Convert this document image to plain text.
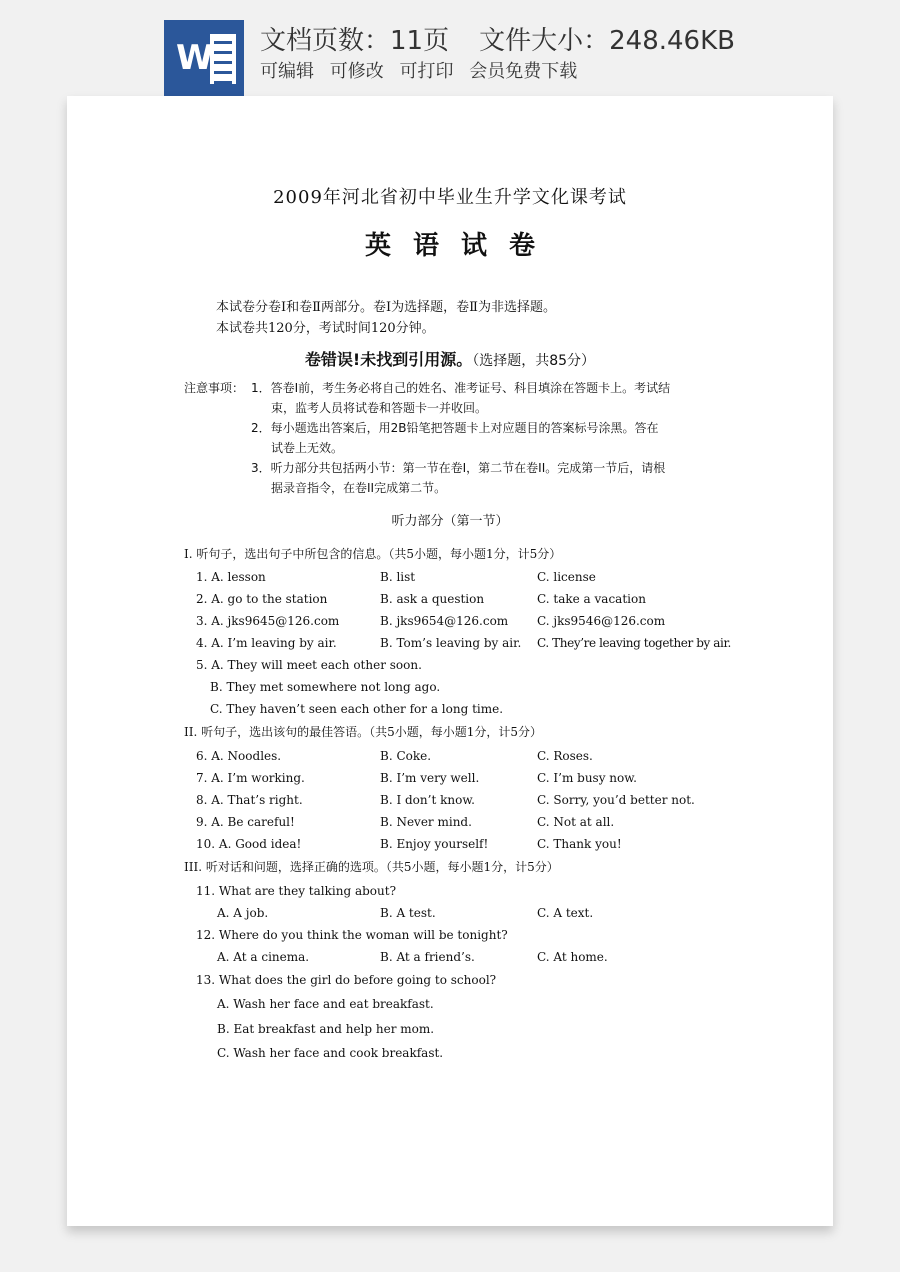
W 文档页数：11页 文件大小：248.46KB
可编辑 可修改 可打印 会员免费下载
2009年河北省初中毕业生升学文化课考试
英语试卷
本试卷分卷Ⅰ和卷Ⅱ两部分。卷Ⅰ为选择题，卷Ⅱ为非选择题。
本试卷共120分，考试时间120分钟。
卷错误!未找到引用源。（选择题，共85分）
注意事项： 1．答卷I前，考生务必将自己的姓名、准考证号、科目填涂在答题卡上。考试结
束，监考人员将试卷和答题卡一并收回。
2．每小题选出答案后，用2B铅笔把答题卡上对应题目的答案标号涂黑。答在
试卷上无效。
3．听力部分共包括两小节：第一节在卷I，第二节在卷II。完成第一节后，请根
据录音指令，在卷II完成第二节。
听力部分（第一节）
I. 听句子，选出句子中所包含的信息。（共5小题，每小题1分，计5分）
1. A. lesson	B. list	C. license
2. A. go to the station	B. ask a question	C. take a vacation
3. A. jks9645@126.com	B. jks9654@126.com C. jks9546@126.com
4. A. I’m leaving by air.	B. Tom’s leaving by air. C. They’re leaving together by air.
5. A. They will meet each other soon.
B. They met somewhere not long ago.
C. They haven’t seen each other for a long time.
II. 听句子，选出该句的最佳答语。（共5小题，每小题1分，计5分）
6. A. Noodles.	B. Coke.	C. Roses.
7. A. I’m working.	B. I’m very well.	C. I’m busy now.
8. A. That’s right.	B. I don’t know.	C. Sorry, you’d better not.
9. A. Be careful!	B. Never mind.	C. Not at all.
10. A. Good idea!	B. Enjoy yourself!	C. Thank you!
III. 听对话和问题，选择正确的选项。（共5小题，每小题1分，计5分）
11. What are they talking about?
A. A job.	B. A test.	C. A text.
12. Where do you think the woman will be tonight?
A. At a cinema.	B. At a friend’s.	C. At home.
13. What does the girl do before going to school?
A. Wash her face and eat breakfast.
B. Eat breakfast and help her mom.
C. Wash her face and cook breakfast.
